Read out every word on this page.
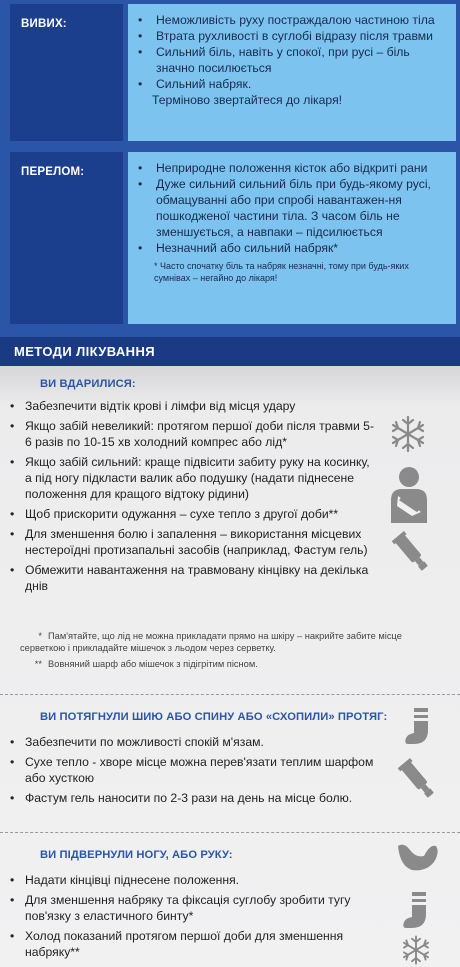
ВИВИХ:	• Неможливість руху постраждалою частиною тіла
• Втрата рухливості в суглобі відразу після травми
• Сильний біль, навіть у спокої, при русі – біль значно посилюється
• Сильний набряк.
Терміново звертайтеся до лікаря!
ПЕРЕЛОМ:	• Неприродне положення кісток або відкриті рани
• Дуже сильний сильний біль при будь-якому русі, обмацуванні або при спробі навантажен-ня пошкодженої частини тіла. З часом біль не зменшується, а навпаки – підсилюється
• Незначний або сильний набряк*
* Часто спочатку біль та набряк незначні, тому при будь-яких сумнівах – негайно до лікаря!
МЕТОДИ ЛІКУВАННЯ
ВИ ВДАРИЛИСЯ:
• Забезпечити відтік крові і лімфи від місця удару
• Якщо забій невеликий: протягом першої доби після травми 5-6 разів по 10-15 хв холодний компрес або лід*
• Якщо забій сильний: краще підвісити забиту руку на косинку, а під ногу підкласти валик або подушку (надати піднесене положення для кращого відтоку рідини)
• Щоб прискорити одужання – сухе тепло з другої доби**
• Для зменшення болю і запалення – використання місцевих нестероїдні протизапальні засобів (наприклад, Фастум гель)
• Обмежити навантаження на травмовану кінцівку на декілька днів
* Пам'ятайте, що лід не можна прикладати прямо на шкіру – накрийте забите місце серветкою і прикладайте мішечок з льодом через серветку.
** Вовняний шарф або мішечок з підігрітим пісном.
ВИ ПОТЯГНУЛИ ШИЮ АБО СПИНУ АБО «СХОПИЛИ» ПРОТЯГ:
• Забезпечити по можливості спокій м'язам.
• Сухе тепло - хворе місце можна перев'язати теплим шарфом або хусткою
• Фастум гель наносити по 2-3 рази на день на місце болю.
ВИ ПІДВЕРНУЛИ НОГУ, АБО РУКУ:
• Надати кінцівці піднесене положення.
• Для зменшення набряку та фіксація суглобу зробити тугу пов'язку з еластичного бинту*
• Холод показаний протягом першої доби для зменшення набряку**
